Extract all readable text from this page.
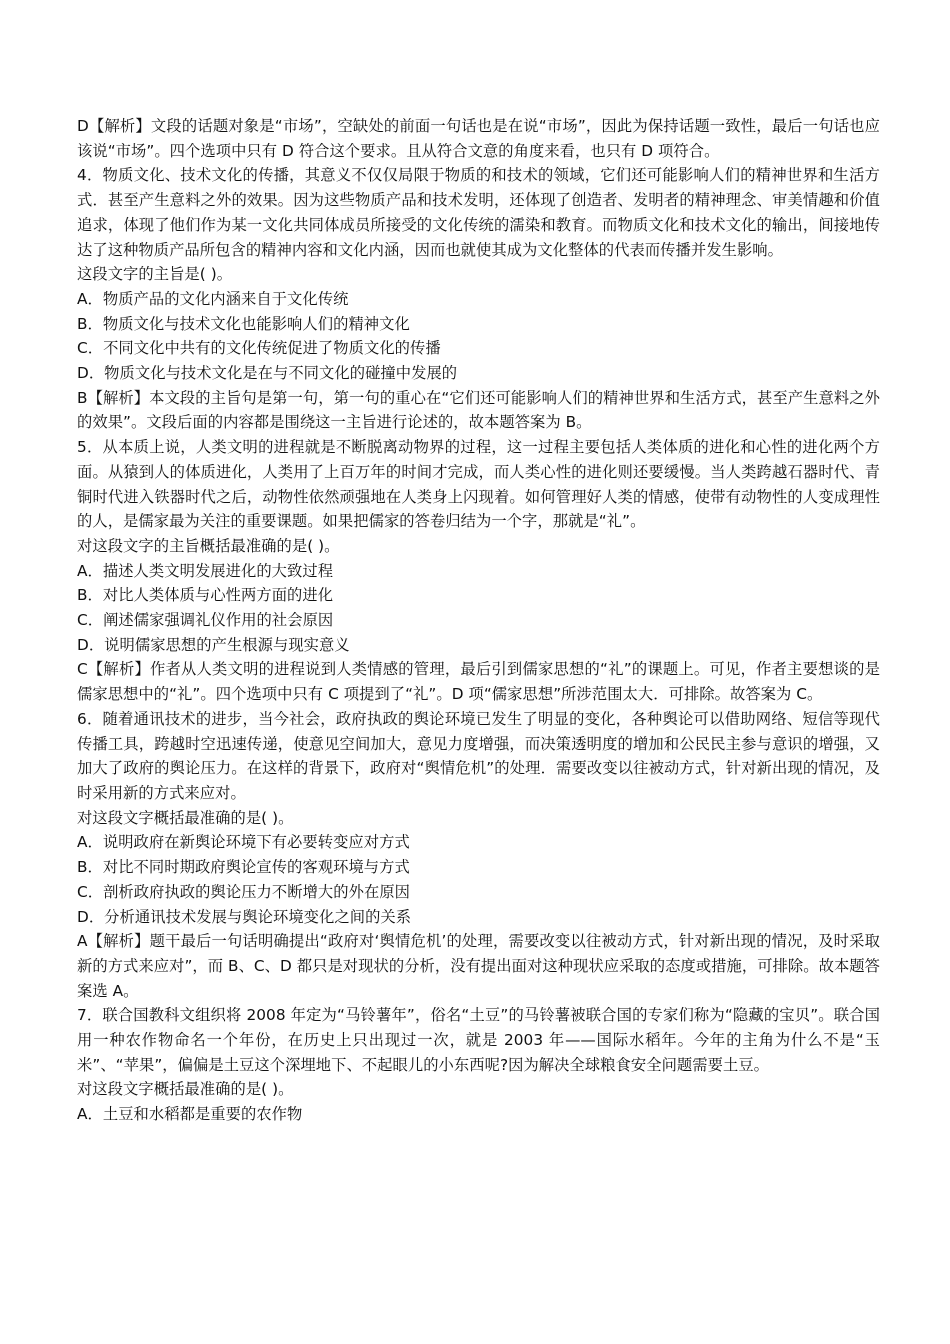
D【解析】文段的话题对象是“市场”，空缺处的前面一句话也是在说“市场”，因此为保持话题一致性，最后一句话也应该说“市场”。四个选项中只有 D 符合这个要求。且从符合文意的角度来看，也只有 D 项符合。

4．物质文化、技术文化的传播，其意义不仅仅局限于物质的和技术的领域，它们还可能影响人们的精神世界和生活方式．甚至产生意料之外的效果。因为这些物质产品和技术发明，还体现了创造者、发明者的精神理念、审美情趣和价值追求，体现了他们作为某一文化共同体成员所接受的文化传统的濡染和教育。而物质文化和技术文化的输出，间接地传达了这种物质产品所包含的精神内容和文化内涵，因而也就使其成为文化整体的代表而传播并发生影响。

这段文字的主旨是( )。

A．物质产品的文化内涵来自于文化传统

B．物质文化与技术文化也能影响人们的精神文化

C．不同文化中共有的文化传统促进了物质文化的传播

D．物质文化与技术文化是在与不同文化的碰撞中发展的

B【解析】本文段的主旨句是第一句，第一句的重心在“它们还可能影响人们的精神世界和生活方式，甚至产生意料之外的效果”。文段后面的内容都是围绕这一主旨进行论述的，故本题答案为 B。

5．从本质上说，人类文明的进程就是不断脱离动物界的过程，这一过程主要包括人类体质的进化和心性的进化两个方面。从猿到人的体质进化，人类用了上百万年的时间才完成，而人类心性的进化则还要缓慢。当人类跨越石器时代、青铜时代进入铁器时代之后，动物性依然顽强地在人类身上闪现着。如何管理好人类的情感，使带有动物性的人变成理性的人，是儒家最为关注的重要课题。如果把儒家的答卷归结为一个字，那就是“礼”。

对这段文字的主旨概括最准确的是( )。

A．描述人类文明发展进化的大致过程

B．对比人类体质与心性两方面的进化

C．阐述儒家强调礼仪作用的社会原因

D．说明儒家思想的产生根源与现实意义

C【解析】作者从人类文明的进程说到人类情感的管理，最后引到儒家思想的“礼”的课题上。可见，作者主要想谈的是儒家思想中的“礼”。四个选项中只有 C 项提到了“礼”。D 项“儒家思想”所涉范围太大．可排除。故答案为 C。

6．随着通讯技术的进步，当今社会，政府执政的舆论环境已发生了明显的变化，各种舆论可以借助网络、短信等现代传播工具，跨越时空迅速传递，使意见空间加大，意见力度增强，而决策透明度的增加和公民民主参与意识的增强，又加大了政府的舆论压力。在这样的背景下，政府对“舆情危机”的处理．需要改变以往被动方式，针对新出现的情况，及时采用新的方式来应对。

对这段文字概括最准确的是( )。

A．说明政府在新舆论环境下有必要转变应对方式

B．对比不同时期政府舆论宣传的客观环境与方式

C．剖析政府执政的舆论压力不断增大的外在原因

D．分析通讯技术发展与舆论环境变化之间的关系

A【解析】题干最后一句话明确提出“政府对‘舆情危机’的处理，需要改变以往被动方式，针对新出现的情况，及时采取新的方式来应对”，而 B、C、D 都只是对现状的分析，没有提出面对这种现状应采取的态度或措施，可排除。故本题答案选 A。

7．联合国教科文组织将 2008 年定为“马铃薯年”，俗名“土豆”的马铃薯被联合国的专家们称为“隐藏的宝贝”。联合国用一种农作物命名一个年份，在历史上只出现过一次，就是 2003 年——国际水稻年。今年的主角为什么不是“玉米”、“苹果”，偏偏是土豆这个深埋地下、不起眼儿的小东西呢?因为解决全球粮食安全问题需要土豆。

对这段文字概括最准确的是( )。

A．土豆和水稻都是重要的农作物
